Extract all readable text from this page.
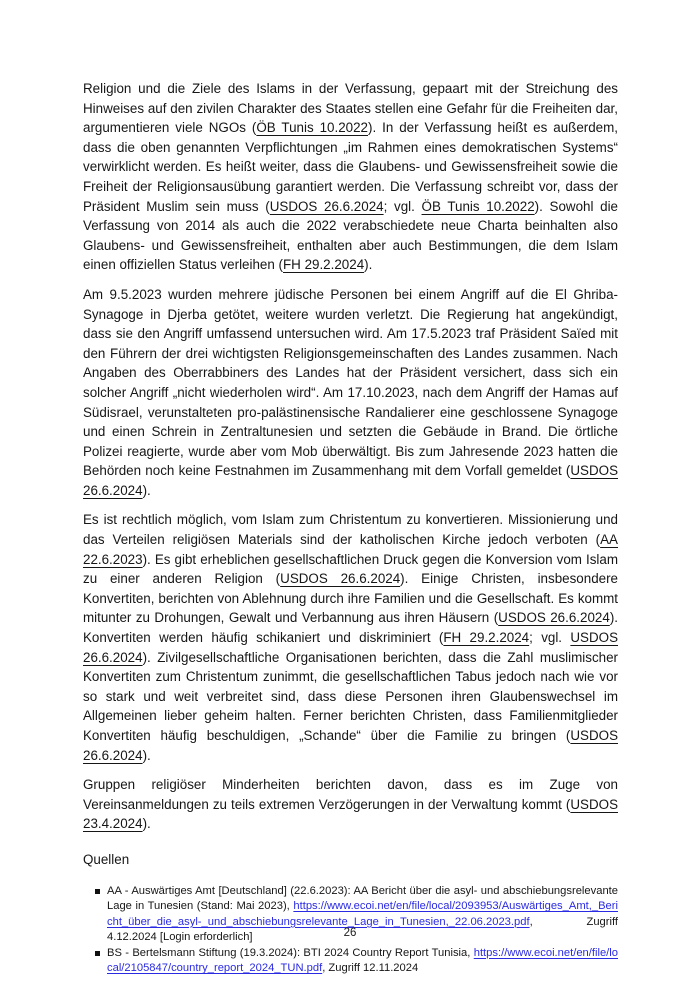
Religion und die Ziele des Islams in der Verfassung, gepaart mit der Streichung des Hinweises auf den zivilen Charakter des Staates stellen eine Gefahr für die Freiheiten dar, argumentieren viele NGOs (ÖB Tunis 10.2022). In der Verfassung heißt es außerdem, dass die oben genannten Verpflichtungen „im Rahmen eines demokratischen Systems“ verwirklicht werden. Es heißt weiter, dass die Glaubens- und Gewissensfreiheit sowie die Freiheit der Religionsausübung garantiert werden. Die Verfassung schreibt vor, dass der Präsident Muslim sein muss (USDOS 26.6.2024; vgl. ÖB Tunis 10.2022). Sowohl die Verfassung von 2014 als auch die 2022 verabschiedete neue Charta beinhalten also Glaubens- und Gewissensfreiheit, enthalten aber auch Bestimmungen, die dem Islam einen offiziellen Status verleihen (FH 29.2.2024).

Am 9.5.2023 wurden mehrere jüdische Personen bei einem Angriff auf die El Ghriba-Synagoge in Djerba getötet, weitere wurden verletzt. Die Regierung hat angekündigt, dass sie den Angriff umfassend untersuchen wird. Am 17.5.2023 traf Präsident Saïed mit den Führern der drei wichtigsten Religionsgemeinschaften des Landes zusammen. Nach Angaben des Oberrabbiners des Landes hat der Präsident versichert, dass sich ein solcher Angriff „nicht wiederholen wird“. Am 17.10.2023, nach dem Angriff der Hamas auf Südisrael, verunstalteten pro-palästinensische Randalierer eine geschlossene Synagoge und einen Schrein in Zentraltunesien und setzten die Gebäude in Brand. Die örtliche Polizei reagierte, wurde aber vom Mob überwältigt. Bis zum Jahresende 2023 hatten die Behörden noch keine Festnahmen im Zusammenhang mit dem Vorfall gemeldet (USDOS 26.6.2024).

Es ist rechtlich möglich, vom Islam zum Christentum zu konvertieren. Missionierung und das Verteilen religiösen Materials sind der katholischen Kirche jedoch verboten (AA 22.6.2023). Es gibt erheblichen gesellschaftlichen Druck gegen die Konversion vom Islam zu einer anderen Religion (USDOS 26.6.2024). Einige Christen, insbesondere Konvertiten, berichten von Ablehnung durch ihre Familien und die Gesellschaft. Es kommt mitunter zu Drohungen, Gewalt und Verbannung aus ihren Häusern (USDOS 26.6.2024). Konvertiten werden häufig schikaniert und diskriminiert (FH 29.2.2024; vgl. USDOS 26.6.2024). Zivilgesellschaftliche Organisationen berichten, dass die Zahl muslimischer Konvertiten zum Christentum zunimmt, die gesellschaftlichen Tabus jedoch nach wie vor so stark und weit verbreitet sind, dass diese Personen ihren Glaubenswechsel im Allgemeinen lieber geheim halten. Ferner berichten Christen, dass Familienmitglieder Konvertiten häufig beschuldigen, „Schande“ über die Familie zu bringen (USDOS 26.6.2024).

Gruppen religiöser Minderheiten berichten davon, dass es im Zuge von Vereinsanmeldungen zu teils extremen Verzögerungen in der Verwaltung kommt (USDOS 23.4.2024).

Quellen
AA - Auswärtiges Amt [Deutschland] (22.6.2023): AA Bericht über die asyl- und abschiebungsrelevante Lage in Tunesien (Stand: Mai 2023), https://www.ecoi.net/en/file/local/2093953/Auswärtiges_Amt,_Bericht_über_die_asyl-_und_abschiebungsrelevante_Lage_in_Tunesien,_22.06.2023.pdf, Zugriff 4.12.2024 [Login erforderlich]
BS - Bertelsmann Stiftung (19.3.2024): BTI 2024 Country Report Tunisia, https://www.ecoi.net/en/file/local/2105847/country_report_2024_TUN.pdf, Zugriff 12.11.2024
26
